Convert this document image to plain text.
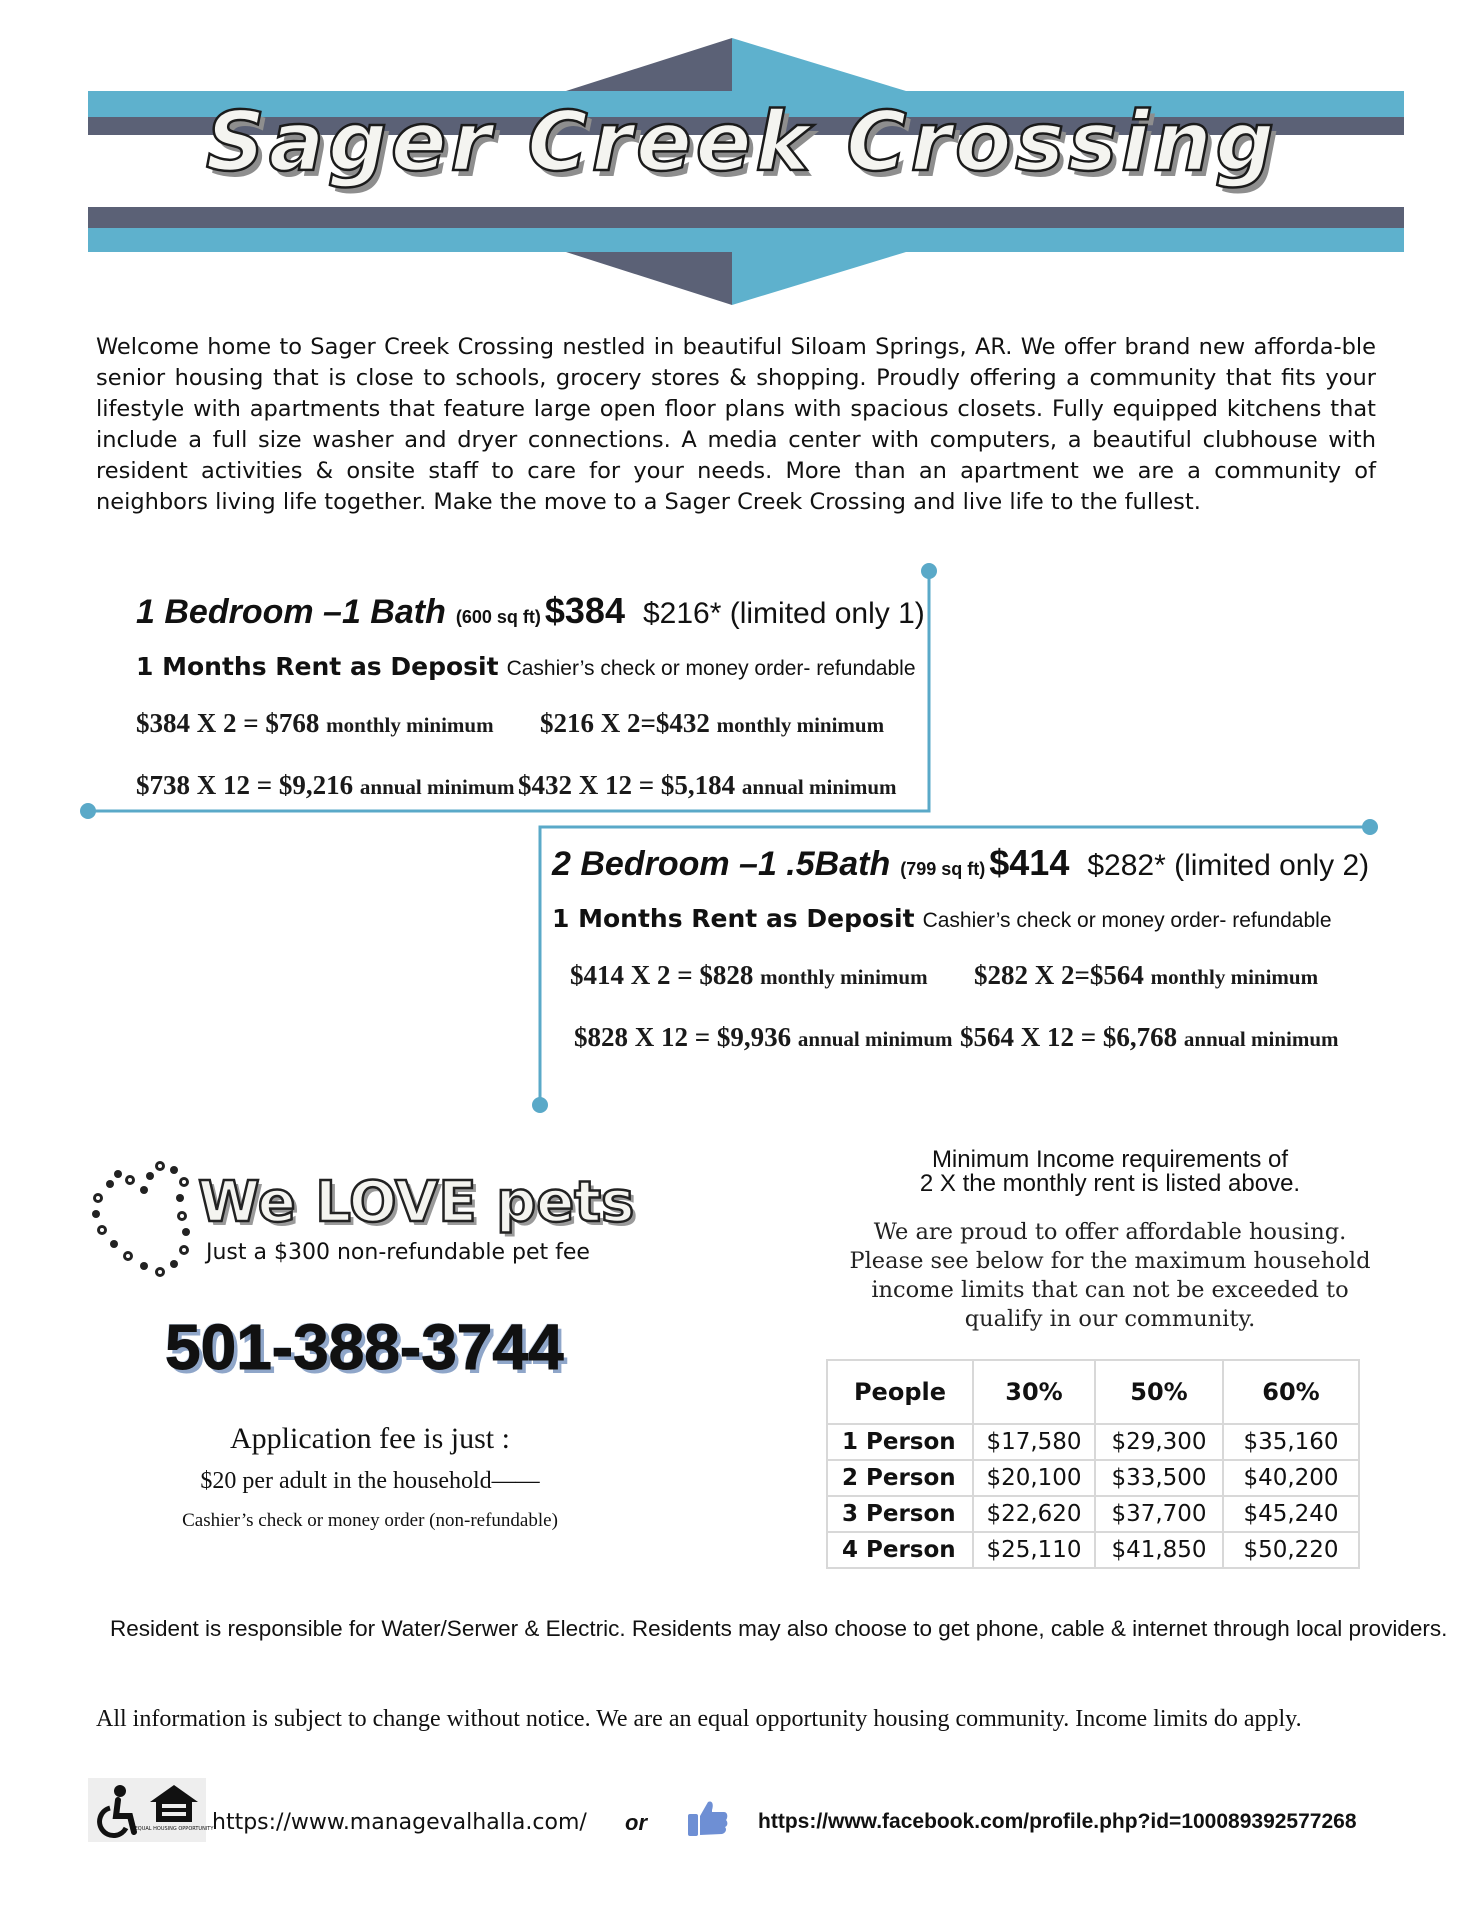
Sager Creek Crossing
Welcome home to Sager Creek Crossing nestled in beautiful Siloam Springs, AR. We offer brand new afforda-ble senior housing that is close to schools, grocery stores & shopping. Proudly offering a community that fits your lifestyle with apartments that feature large open floor plans with spacious closets. Fully equipped kitchens that include a full size washer and dryer connections. A media center with computers, a beautiful clubhouse with resident activities & onsite staff to care for your needs. More than an apartment we are a community of neighbors living life together. Make the move to a Sager Creek Crossing and live life to the fullest.
1 Bedroom –1 Bath (600 sq ft) $384 $216* (limited only 1)
1 Months Rent as Deposit Cashier’s check or money order- refundable
$384 X 2 = $768 monthly minimum $216 X 2=$432 monthly minimum
$738 X 12 = $9,216 annual minimum $432 X 12 = $5,184 annual minimum
2 Bedroom –1 .5Bath (799 sq ft) $414 $282* (limited only 2)
1 Months Rent as Deposit Cashier’s check or money order- refundable
$414 X 2 = $828 monthly minimum $282 X 2=$564 monthly minimum
$828 X 12 = $9,936 annual minimum $564 X 12 = $6,768 annual minimum
We LOVE pets
Just a $300 non-refundable pet fee
501-388-3744
Application fee is just :
$20 per adult in the household——
Cashier’s check or money order (non-refundable)
Minimum Income requirements of
2 X the monthly rent is listed above.
We are proud to offer affordable housing. Please see below for the maximum household income limits that can not be exceeded to qualify in our community.
People	30%	50%	60%
1 Person	$17,580	$29,300	$35,160
2 Person	$20,100	$33,500	$40,200
3 Person	$22,620	$37,700	$45,240
4 Person	$25,110	$41,850	$50,220
Resident is responsible for Water/Serwer & Electric. Residents may also choose to get phone, cable & internet through local providers.
All information is subject to change without notice. We are an equal opportunity housing community. Income limits do apply.
EQUAL HOUSING OPPORTUNITY
https://www.managevalhalla.com/ or	https://www.facebook.com/profile.php?id=100089392577268
